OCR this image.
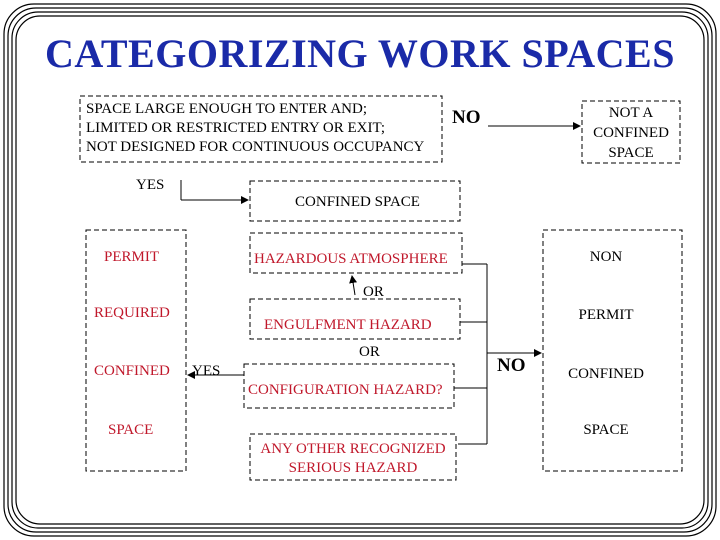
CATEGORIZING WORK SPACES
SPACE LARGE ENOUGH TO ENTER AND;
LIMITED OR RESTRICTED ENTRY OR EXIT;
NOT DESIGNED FOR CONTINUOUS OCCUPANCY
NO	NOT A
CONFINED
SPACE
YES
CONFINED SPACE
PERMIT
REQUIRED
CONFINED
SPACE
HAZARDOUS ATMOSPHERE
OR
ENGULFMENT HAZARD
OR
CONFIGURATION HAZARD?
ANY OTHER RECOGNIZED
SERIOUS HAZARD
YES	NO
NON
PERMIT
CONFINED
SPACE
